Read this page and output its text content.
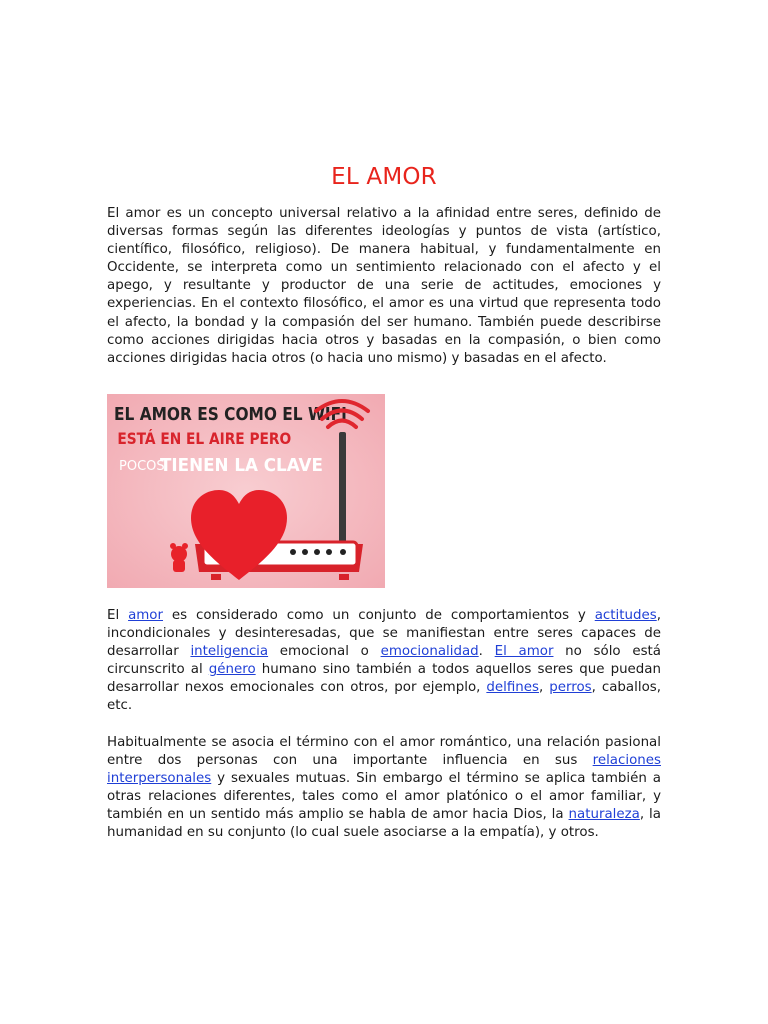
EL AMOR

El amor es un concepto universal relativo a la afinidad entre seres, definido de diversas formas según las diferentes ideologías y puntos de vista (artístico, científico, filosófico, religioso). De manera habitual, y fundamentalmente en Occidente, se interpreta como un sentimiento relacionado con el afecto y el apego, y resultante y productor de una serie de actitudes, emociones y experiencias. En el contexto filosófico, el amor es una virtud que representa todo el afecto, la bondad y la compasión del ser humano. También puede describirse como acciones dirigidas hacia otros y basadas en la compasión, o bien como acciones dirigidas hacia otros (o hacia uno mismo) y basadas en el afecto.

EL AMOR ES COMO EL WIFI
ESTÁ EN EL AIRE PERO
POCOS
TIENEN LA CLAVE

El amor es considerado como un conjunto de comportamientos y actitudes, incondicionales y desinteresadas, que se manifiestan entre seres capaces de desarrollar inteligencia emocional o emocionalidad. El amor no sólo está circunscrito al género humano sino también a todos aquellos seres que puedan desarrollar nexos emocionales con otros, por ejemplo, delfines, perros, caballos, etc.

Habitualmente se asocia el término con el amor romántico, una relación pasional entre dos personas con una importante influencia en sus relaciones interpersonales y sexuales mutuas. Sin embargo el término se aplica también a otras relaciones diferentes, tales como el amor platónico o el amor familiar, y también en un sentido más amplio se habla de amor hacia Dios, la naturaleza, la humanidad en su conjunto (lo cual suele asociarse a la empatía), y otros.
